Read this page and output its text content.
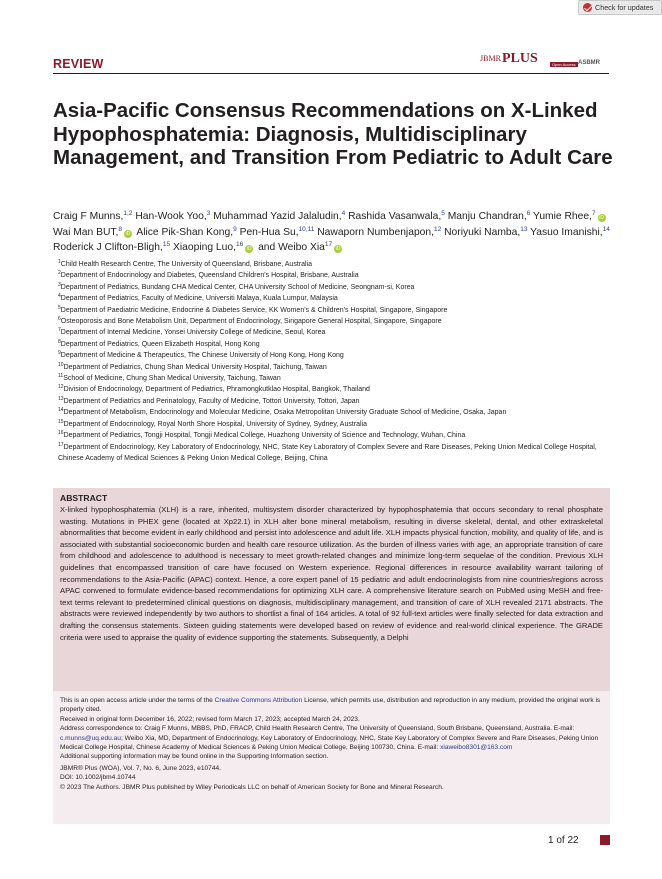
Check for updates
REVIEW	JBMR PLUS	Open Access ASBMR
Asia-Pacific Consensus Recommendations on X-Linked Hypophosphatemia: Diagnosis, Multidisciplinary Management, and Transition From Pediatric to Adult Care
Craig F Munns,$^{1,2}$ Han-Wook Yoo,$^3$ Muhammad Yazid Jalaludin,$^4$ Rashida Vasanwala,$^5$ Manju Chandran,$^6$ Yumie Rhee,$^7$iD Wai Man BUT,$^8$iD Alice Pik-Shan Kong,$^9$ Pen-Hua Su,$^{10,11}$ Nawaporn Numbenjapon,$^{12}$ Noriyuki Namba,$^{13}$ Yasuo Imanishi,$^{14}$ Roderick J Clifton-Bligh,$^{15}$ Xiaoping Luo,$^{16}$iD and Weibo Xia$^{17}$iD
$^1$Child Health Research Centre, The University of Queensland, Brisbane, Australia
$^2$Department of Endocrinology and Diabetes, Queensland Children's Hospital, Brisbane, Australia
$^3$Department of Pediatrics, Bundang CHA Medical Center, CHA University School of Medicine, Seongnam-si, Korea
$^4$Department of Pediatrics, Faculty of Medicine, Universiti Malaya, Kuala Lumpur, Malaysia
$^5$Department of Paediatric Medicine, Endocrine & Diabetes Service, KK Women's & Children's Hospital, Singapore, Singapore
$^6$Osteoporosis and Bone Metabolism Unit, Department of Endocrinology, Singapore General Hospital, Singapore, Singapore
$^7$Department of Internal Medicine, Yonsei University College of Medicine, Seoul, Korea
$^8$Department of Pediatrics, Queen Elizabeth Hospital, Hong Kong
$^9$Department of Medicine & Therapeutics, The Chinese University of Hong Kong, Hong Kong
$^{10}$Department of Pediatrics, Chung Shan Medical University Hospital, Taichung, Taiwan
$^{11}$School of Medicine, Chung Shan Medical University, Taichung, Taiwan
$^{12}$Division of Endocrinology, Department of Pediatrics, Phramongkutklao Hospital, Bangkok, Thailand
$^{13}$Department of Pediatrics and Perinatology, Faculty of Medicine, Tottori University, Tottori, Japan
$^{14}$Department of Metabolism, Endocrinology and Molecular Medicine, Osaka Metropolitan University Graduate School of Medicine, Osaka, Japan
$^{15}$Department of Endocrinology, Royal North Shore Hospital, University of Sydney, Sydney, Australia
$^{16}$Department of Pediatrics, Tongji Hospital, Tongji Medical College, Huazhong University of Science and Technology, Wuhan, China
$^{17}$Department of Endocrinology, Key Laboratory of Endocrinology, NHC, State Key Laboratory of Complex Severe and Rare Diseases, Peking Union Medical College Hospital, Chinese Academy of Medical Sciences & Peking Union Medical College, Beijing, China
ABSTRACT

X-linked hypophosphatemia (XLH) is a rare, inherited, multisystem disorder characterized by hypophosphatemia that occurs secondary to renal phosphate wasting. Mutations in PHEX gene (located at Xp22.1) in XLH alter bone mineral metabolism, resulting in diverse skeletal, dental, and other extraskeletal abnormalities that become evident in early childhood and persist into adolescence and adult life. XLH impacts physical function, mobility, and quality of life, and is associated with substantial socioeconomic burden and health care resource utilization. As the burden of illness varies with age, an appropriate transition of care from childhood and adolescence to adulthood is necessary to meet growth-related changes and minimize long-term sequelae of the condition. Previous XLH guidelines that encompassed transition of care have focused on Western experience. Regional differences in resource availability warrant tailoring of recommendations to the Asia-Pacific (APAC) context. Hence, a core expert panel of 15 pediatric and adult endocrinologists from nine countries/regions across APAC convened to formulate evidence-based recommendations for optimizing XLH care. A comprehensive literature search on PubMed using MeSH and free-text terms relevant to predetermined clinical questions on diagnosis, multidisciplinary management, and transition of care of XLH revealed 2171 abstracts. The abstracts were reviewed independently by two authors to shortlist a final of 164 articles. A total of 92 full-text articles were finally selected for data extraction and drafting the consensus statements. Sixteen guiding statements were developed based on review of evidence and real-world clinical experience. The GRADE criteria were used to appraise the quality of evidence supporting the statements. Subsequently, a Delphi

This is an open access article under the terms of the Creative Commons Attribution License, which permits use, distribution and reproduction in any medium, provided the original work is properly cited.

Received in original form December 16, 2022; revised form March 17, 2023; accepted March 24, 2023.

Address correspondence to: Craig F Munns, MBBS, PhD, FRACP, Child Health Research Centre, The University of Queensland, South Brisbane, Queensland, Australia. E-mail: c.munns@uq.edu.au; Weibo Xia, MD, Department of Endocrinology, Key Laboratory of Endocrinology, NHC, State Key Laboratory of Complex Severe and Rare Diseases, Peking Union Medical College Hospital, Chinese Academy of Medical Sciences & Peking Union Medical College, Beijing 100730, China. E-mail: xiaweibo8301@163.com

Additional supporting information may be found online in the Supporting Information section.

JBMR® Plus (WOA), Vol. 7, No. 6, June 2023, e10744.

DOI: 10.1002/jbm4.10744

© 2023 The Authors. JBMR Plus published by Wiley Periodicals LLC on behalf of American Society for Bone and Mineral Research.

1 of 22
